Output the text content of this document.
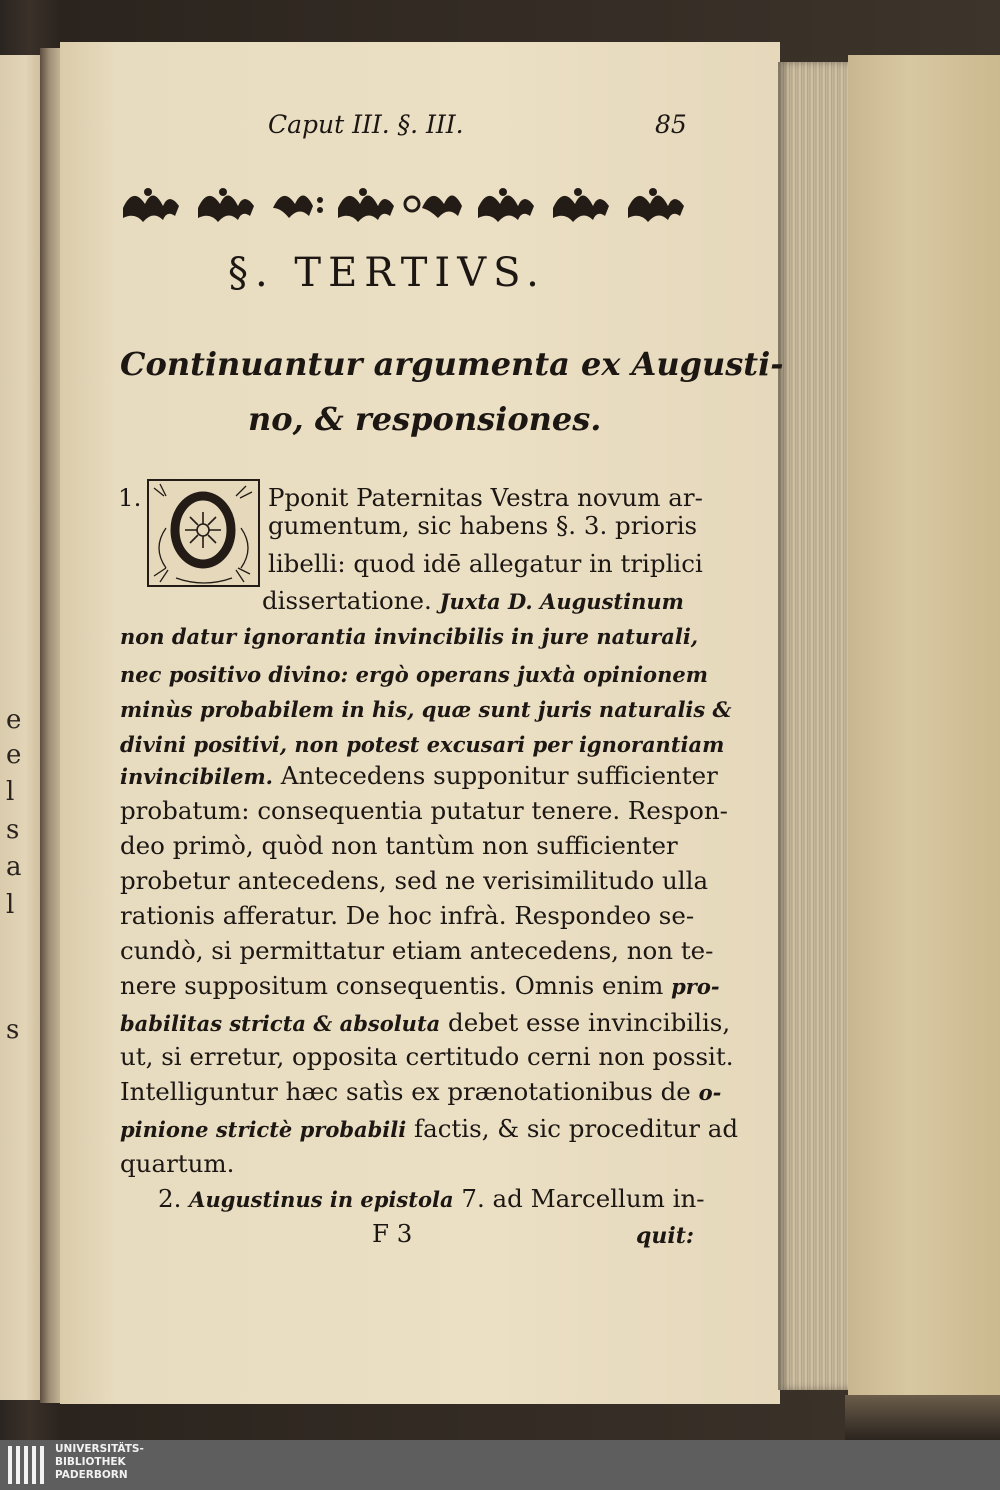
e
e
l
s
a
l
s
Caput III. §. III.	85
§. TERTIVS.
Continuantur argumenta ex Augusti-
no, & responsiones.
1.	Pponit Paternitas Vestra novum ar-
gumentum, sic habens §. 3. prioris
libelli: quod idē allegatur in triplici
dissertatione. Juxta D. Augustinum
non datur ignorantia invincibilis in jure naturali,
nec positivo divino: ergò operans juxtà opinionem
minùs probabilem in his, quæ sunt juris naturalis &
divini positivi, non potest excusari per ignorantiam
invincibilem. Antecedens supponitur sufficienter
probatum: consequentia putatur tenere. Respon-
deo primò, quòd non tantùm non sufficienter
probetur antecedens, sed ne verisimilitudo ulla
rationis afferatur. De hoc infrà. Respondeo se-
cundò, si permittatur etiam antecedens, non te-
nere suppositum consequentis. Omnis enim pro-
babilitas stricta & absoluta debet esse invincibilis,
ut, si erretur, opposita certitudo cerni non possit.
Intelliguntur hæc satìs ex prænotationibus de o-
pinione strictè probabili factis, & sic proceditur ad
quartum.
2. Augustinus in epistola 7. ad Marcellum in-
F 3	quit:
UNIVERSITÄTS-
BIBLIOTHEK
PADERBORN
